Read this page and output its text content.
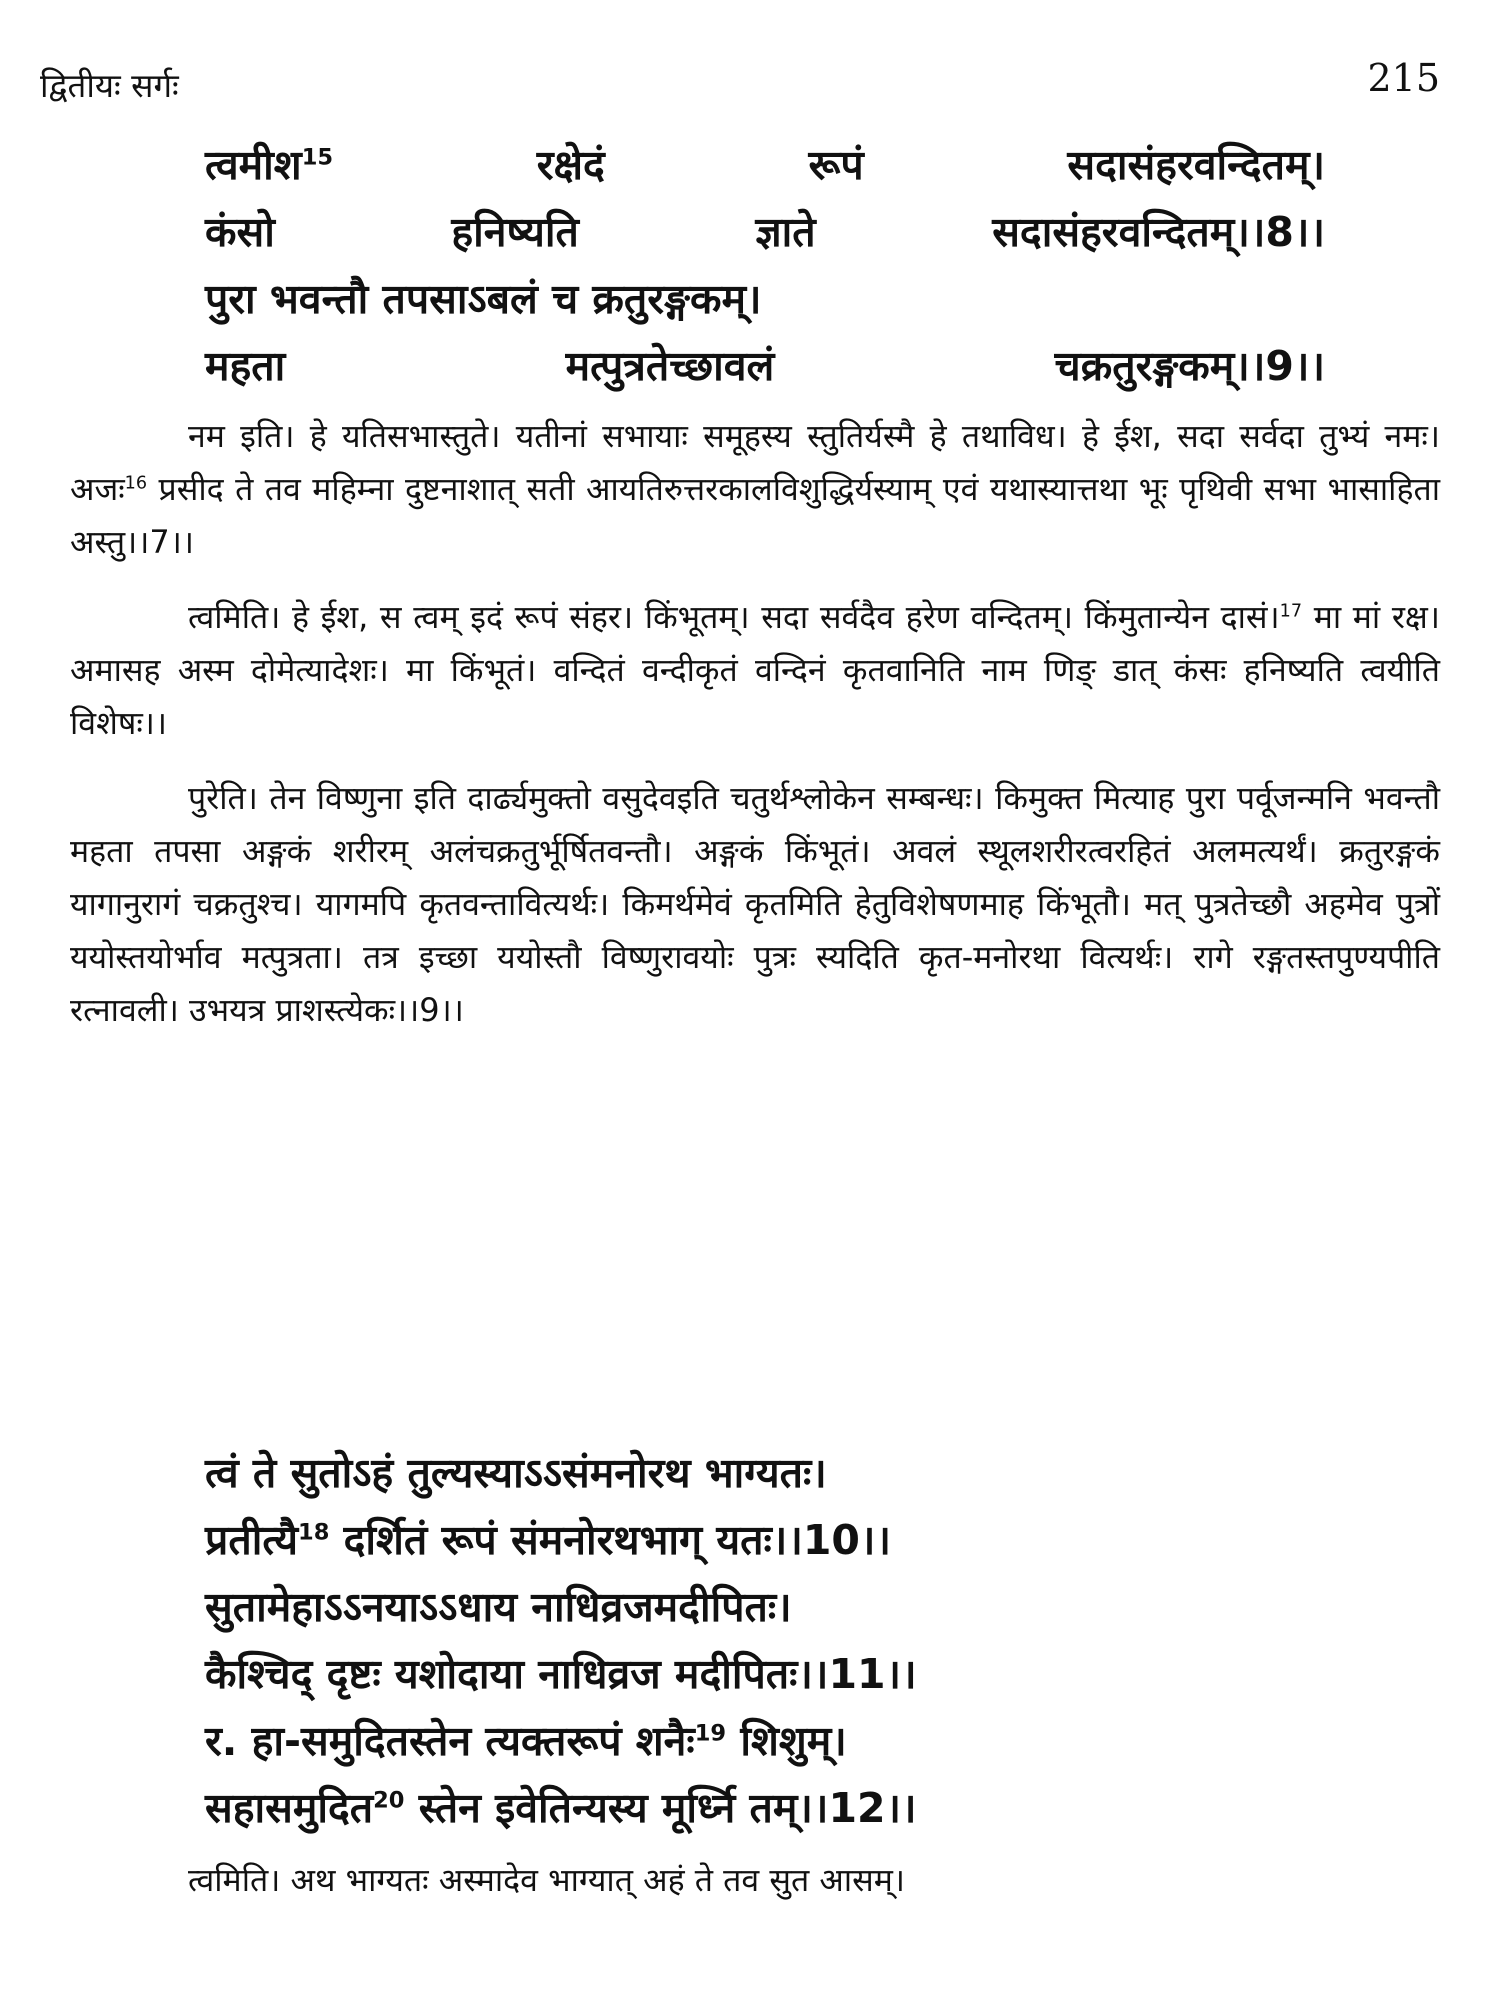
द्वितीयः सर्गः	215
त्वमीश$^{15}$ रक्षेदं रूपं सदासंहरवन्दितम्।
कंसो हनिष्यति ज्ञाते सदासंहरवन्दितम्।।8।।
पुरा भवन्तौ तपसाऽबलं च क्रतुरङ्गकम्।
महता मत्पुत्रतेच्छावलं चक्रतुरङ्गकम्।।9।।

नम इति। हे यतिसभास्तुते। यतीनां सभायाः समूहस्य स्तुतिर्यस्मै हे तथाविध। हे ईश, सदा सर्वदा तुभ्यं नमः। अजः$^{16}$ प्रसीद ते तव महिम्ना दुष्टनाशात् सती आयतिरुत्तरकालविशुद्धिर्यस्याम् एवं यथास्यात्तथा भूः पृथिवी सभा भासाहिता अस्तु।।7।।

त्वमिति। हे ईश, स त्वम् इदं रूपं संहर। किंभूतम्। सदा सर्वदैव हरेण वन्दितम्। किंमुतान्येन दासं।$^{17}$ मा मां रक्ष। अमासह अस्म दोमेत्यादेशः। मा किंभूतं। वन्दितं वन्दीकृतं वन्दिनं कृतवानिति नाम णिङ् डात् कंसः हनिष्यति त्वयीति विशेषः।।

पुरेति। तेन विष्णुना इति दार्ढ्यमुक्तो वसुदेवइति चतुर्थश्लोकेन सम्बन्धः। किमुक्त मित्याह पुरा पर्वूजन्मनि भवन्तौ महता तपसा अङ्गकं शरीरम् अलंचक्रतुर्भूर्षितवन्तौ। अङ्गकं किंभूतं। अवलं स्थूलशरीरत्वरहितं अलमत्यर्थं। क्रतुरङ्गकं यागानुरागं चक्रतुश्च। यागमपि कृतवन्तावित्यर्थः। किमर्थमेवं कृतमिति हेतुविशेषणमाह किंभूतौ। मत् पुत्रतेच्छौ अहमेव पुत्रों ययोस्तयोर्भाव मत्पुत्रता। तत्र इच्छा ययोस्तौ विष्णुरावयोः पुत्रः स्यदिति कृत-मनोरथा वित्यर्थः। रागे रङ्गतस्तपुण्यपीति रत्नावली। उभयत्र प्राशस्त्येकः।।9।।

त्वं ते सुतोऽहं तुल्यस्याऽऽसंमनोरथ भाग्यतः।
प्रतीत्यै$^{18}$ दर्शितं रूपं संमनोरथभाग् यतः।।10।।
सुतामेहाऽऽनयाऽऽधाय नाधिव्रजमदीपितः।
कैश्चिद् दृष्टः यशोदाया नाधिव्रज मदीपितः।।11।।
र. हा-समुदितस्तेन त्यक्तरूपं शनैः$^{19}$ शिशुम्।
सहासमुदित$^{20}$ स्तेन इवेतिन्यस्य मूर्ध्नि तम्।।12।।

त्वमिति। अथ भाग्यतः अस्मादेव भाग्यात् अहं ते तव सुत आसम्।
